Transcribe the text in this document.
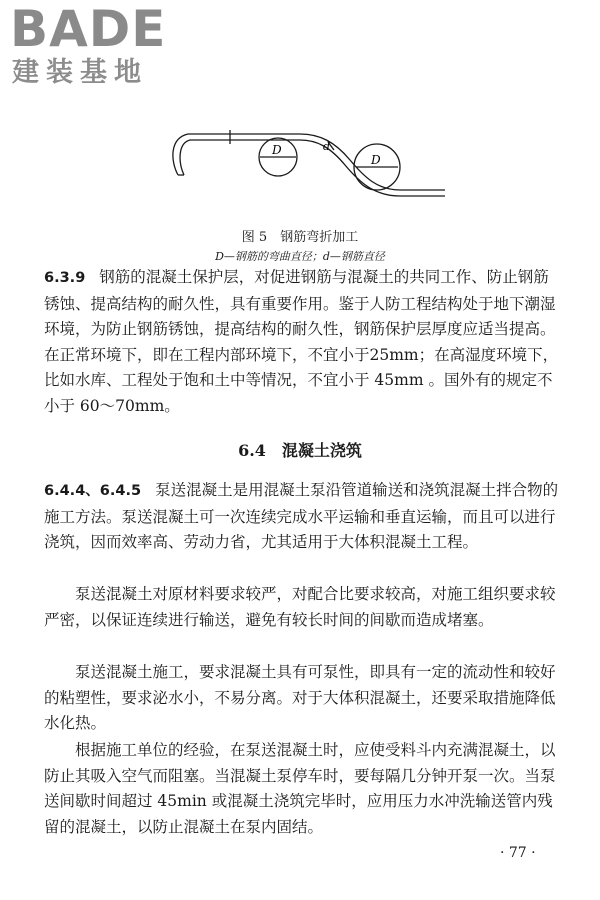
BADE
建装基地
D	d
D
图 5　钢筋弯折加工
D—钢筋的弯曲直径；d—钢筋直径

6.3.9 钢筋的混凝土保护层，对促进钢筋与混凝土的共同工作、防止钢筋锈蚀、提高结构的耐久性，具有重要作用。鉴于人防工程结构处于地下潮湿环境，为防止钢筋锈蚀，提高结构的耐久性，钢筋保护层厚度应适当提高。在正常环境下，即在工程内部环境下，不宜小于25mm；在高湿度环境下，比如水库、工程处于饱和土中等情况，不宜小于 45mm 。国外有的规定不小于 60～70mm。

6.4　混凝土浇筑

6.4.4、6.4.5 泵送混凝土是用混凝土泵沿管道输送和浇筑混凝土拌合物的施工方法。泵送混凝土可一次连续完成水平运输和垂直运输，而且可以进行浇筑，因而效率高、劳动力省，尤其适用于大体积混凝土工程。

泵送混凝土对原材料要求较严，对配合比要求较高，对施工组织要求较严密，以保证连续进行输送，避免有较长时间的间歇而造成堵塞。

泵送混凝土施工，要求混凝土具有可泵性，即具有一定的流动性和较好的粘塑性，要求泌水小，不易分离。对于大体积混凝土，还要采取措施降低水化热。

根据施工单位的经验，在泵送混凝土时，应使受料斗内充满混凝土，以防止其吸入空气而阻塞。当混凝土泵停车时，要每隔几分钟开泵一次。当泵送间歇时间超过 45min 或混凝土浇筑完毕时，应用压力水冲洗输送管内残留的混凝土，以防止混凝土在泵内固结。

· 77 ·
